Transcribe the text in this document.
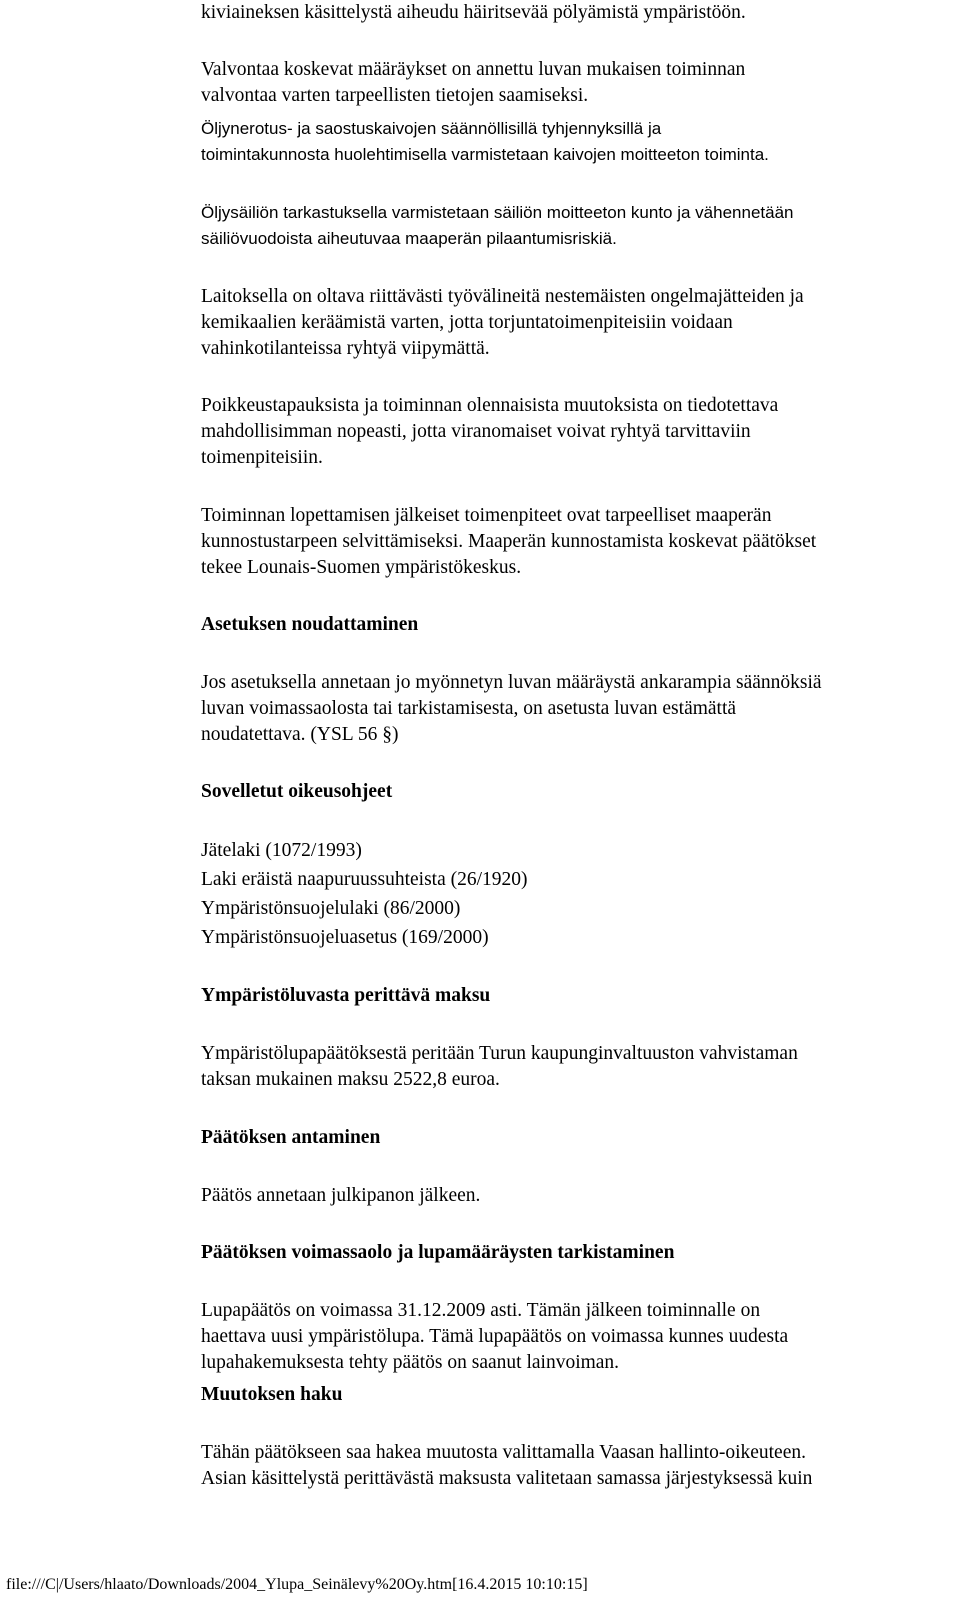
kiviaineksen käsittelystä aiheudu häiritsevää pölyämistä ympäristöön.
Valvontaa koskevat määräykset on annettu luvan mukaisen toiminnan
valvontaa varten tarpeellisten tietojen saamiseksi.
Öljynerotus- ja saostuskaivojen säännöllisillä tyhjennyksillä ja
toimintakunnosta huolehtimisella varmistetaan kaivojen moitteeton toiminta.
Öljysäiliön tarkastuksella varmistetaan säiliön moitteeton kunto ja vähennetään
säiliövuodoista aiheutuvaa maaperän pilaantumisriskiä.
Laitoksella on oltava riittävästi työvälineitä nestemäisten ongelmajätteiden ja
kemikaalien keräämistä varten, jotta torjuntatoimenpiteisiin voidaan
vahinkotilanteissa ryhtyä viipymättä.
Poikkeustapauksista ja toiminnan olennaisista muutoksista on tiedotettava
mahdollisimman nopeasti, jotta viranomaiset voivat ryhtyä tarvittaviin
toimenpiteisiin.
Toiminnan lopettamisen jälkeiset toimenpiteet ovat tarpeelliset maaperän
kunnostustarpeen selvittämiseksi. Maaperän kunnostamista koskevat päätökset
tekee Lounais-Suomen ympäristökeskus.
Asetuksen noudattaminen
Jos asetuksella annetaan jo myönnetyn luvan määräystä ankarampia säännöksiä
luvan voimassaolosta tai tarkistamisesta, on asetusta luvan estämättä
noudatettava. (YSL 56 §)
Sovelletut oikeusohjeet
Jätelaki (1072/1993)
Laki eräistä naapuruussuhteista (26/1920)
Ympäristönsuojelulaki (86/2000)
Ympäristönsuojeluasetus (169/2000)
Ympäristöluvasta perittävä maksu
Ympäristölupapäätöksestä peritään Turun kaupunginvaltuuston vahvistaman
taksan mukainen maksu 2522,8 euroa.
Päätöksen antaminen
Päätös annetaan julkipanon jälkeen.
Päätöksen voimassaolo ja lupamääräysten tarkistaminen
Lupapäätös on voimassa 31.12.2009 asti. Tämän jälkeen toiminnalle on
haettava uusi ympäristölupa. Tämä lupapäätös on voimassa kunnes uudesta
lupahakemuksesta tehty päätös on saanut lainvoiman.
Muutoksen haku
Tähän päätökseen saa hakea muutosta valittamalla Vaasan hallinto-oikeuteen.
Asian käsittelystä perittävästä maksusta valitetaan samassa järjestyksessä kuin
file:///C|/Users/hlaato/Downloads/2004_Ylupa_Seinälevy%20Oy.htm[16.4.2015 10:10:15]
